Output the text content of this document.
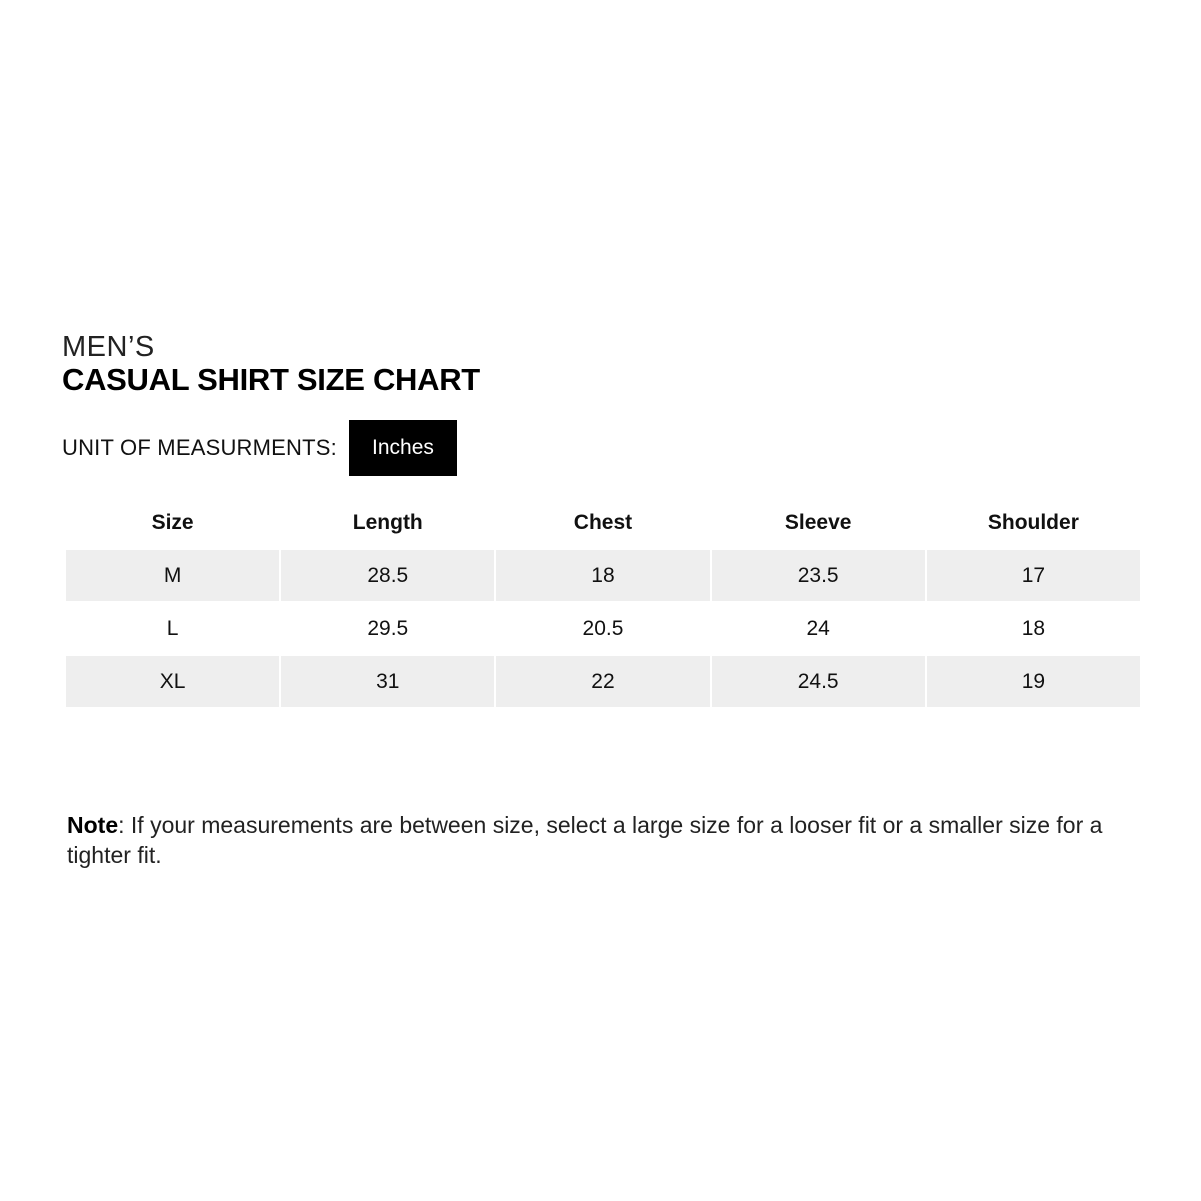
MEN’S

CASUAL SHIRT SIZE CHART
UNIT OF MEASURMENTS:	Inches
Size	Length	Chest	Sleeve	Shoulder
M	28.5	18	23.5	17
L	29.5	20.5	24	18
XL	31	22	24.5	19

Note: If your measurements are between size, select a large size for a looser fit or a smaller size for a tighter fit.
